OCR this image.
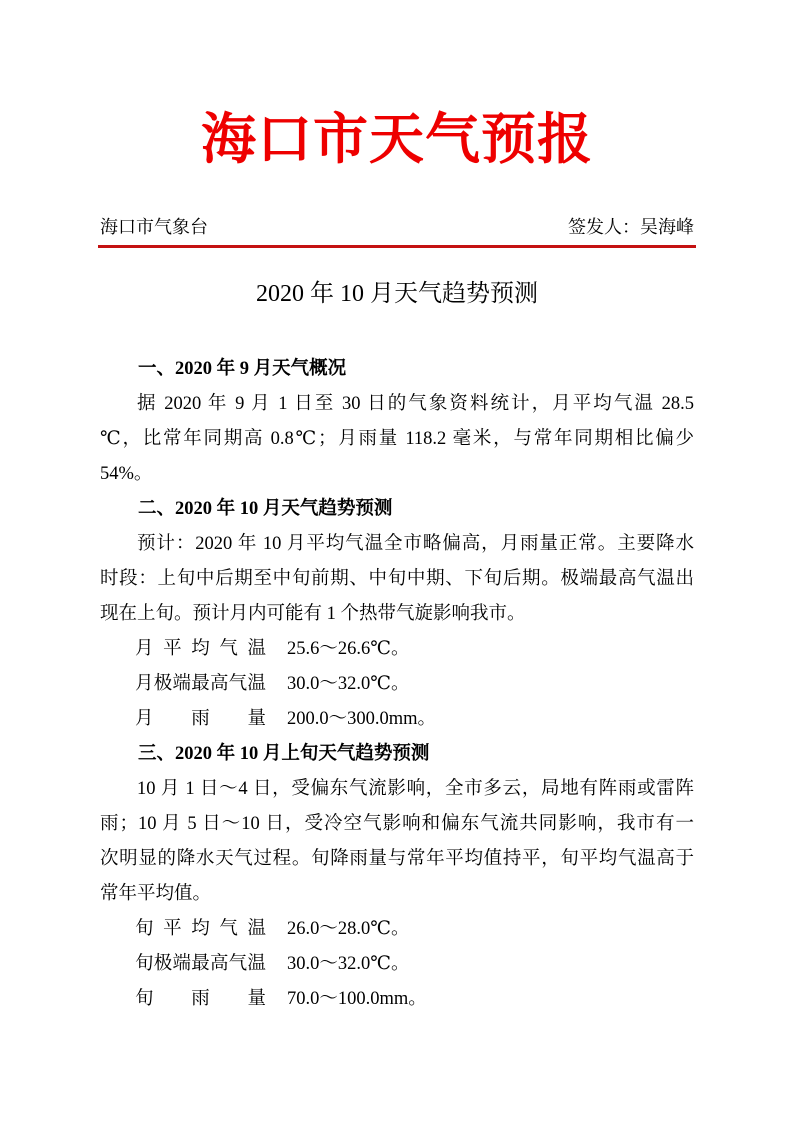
海口市天气预报
海口市气象台	签发人：吴海峰
2020 年 10 月天气趋势预测
一、2020 年 9 月天气概况
据 2020 年 9 月 1 日至 30 日的气象资料统计，月平均气温 28.5
℃，比常年同期高 0.8℃；月雨量 118.2 毫米，与常年同期相比偏少
54%。
二、2020 年 10 月天气趋势预测
预计：2020 年 10 月平均气温全市略偏高，月雨量正常。主要降水
时段：上旬中后期至中旬前期、中旬中期、下旬后期。极端最高气温出
现在上旬。预计月内可能有 1 个热带气旋影响我市。
月 平 均 气 温 25.6～26.6℃。
月 极 端 最 高 气 温 30.0～32.0℃。
月 雨 量 200.0～300.0mm。
三、2020 年 10 月上旬天气趋势预测
10 月 1 日～4 日，受偏东气流影响，全市多云，局地有阵雨或雷阵
雨；10 月 5 日～10 日，受冷空气影响和偏东气流共同影响，我市有一
次明显的降水天气过程。旬降雨量与常年平均值持平，旬平均气温高于
常年平均值。
旬 平 均 气 温 26.0～28.0℃。
旬 极 端 最 高 气 温 30.0～32.0℃。
旬 雨 量 70.0～100.0mm。
